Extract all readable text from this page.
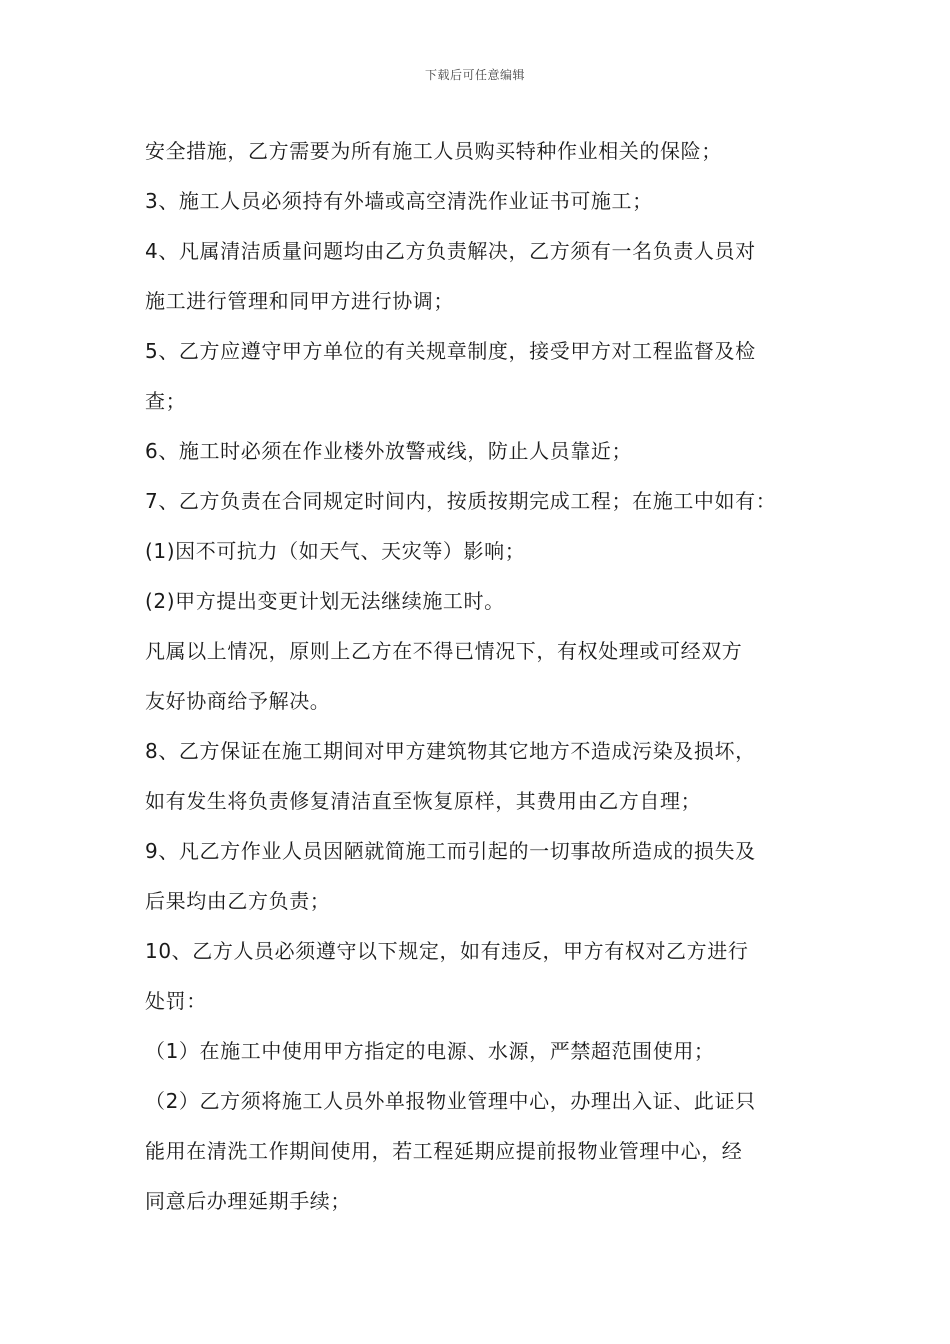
下载后可任意编辑
安全措施，乙方需要为所有施工人员购买特种作业相关的保险；
3、施工人员必须持有外墙或高空清洗作业证书可施工；
4、凡属清洁质量问题均由乙方负责解决，乙方须有一名负责人员对
施工进行管理和同甲方进行协调；
5、乙方应遵守甲方单位的有关规章制度，接受甲方对工程监督及检
查；
6、施工时必须在作业楼外放警戒线，防止人员靠近；
7、乙方负责在合同规定时间内，按质按期完成工程；在施工中如有：
(1)因不可抗力（如天气、天灾等）影响；
(2)甲方提出变更计划无法继续施工时。
凡属以上情况，原则上乙方在不得已情况下，有权处理或可经双方
友好协商给予解决。
8、乙方保证在施工期间对甲方建筑物其它地方不造成污染及损坏，
如有发生将负责修复清洁直至恢复原样，其费用由乙方自理；
9、凡乙方作业人员因陋就简施工而引起的一切事故所造成的损失及
后果均由乙方负责；
10、乙方人员必须遵守以下规定，如有违反，甲方有权对乙方进行
处罚：
（1）在施工中使用甲方指定的电源、水源，严禁超范围使用；
（2）乙方须将施工人员外单报物业管理中心，办理出入证、此证只
能用在清洗工作期间使用，若工程延期应提前报物业管理中心，经
同意后办理延期手续；
